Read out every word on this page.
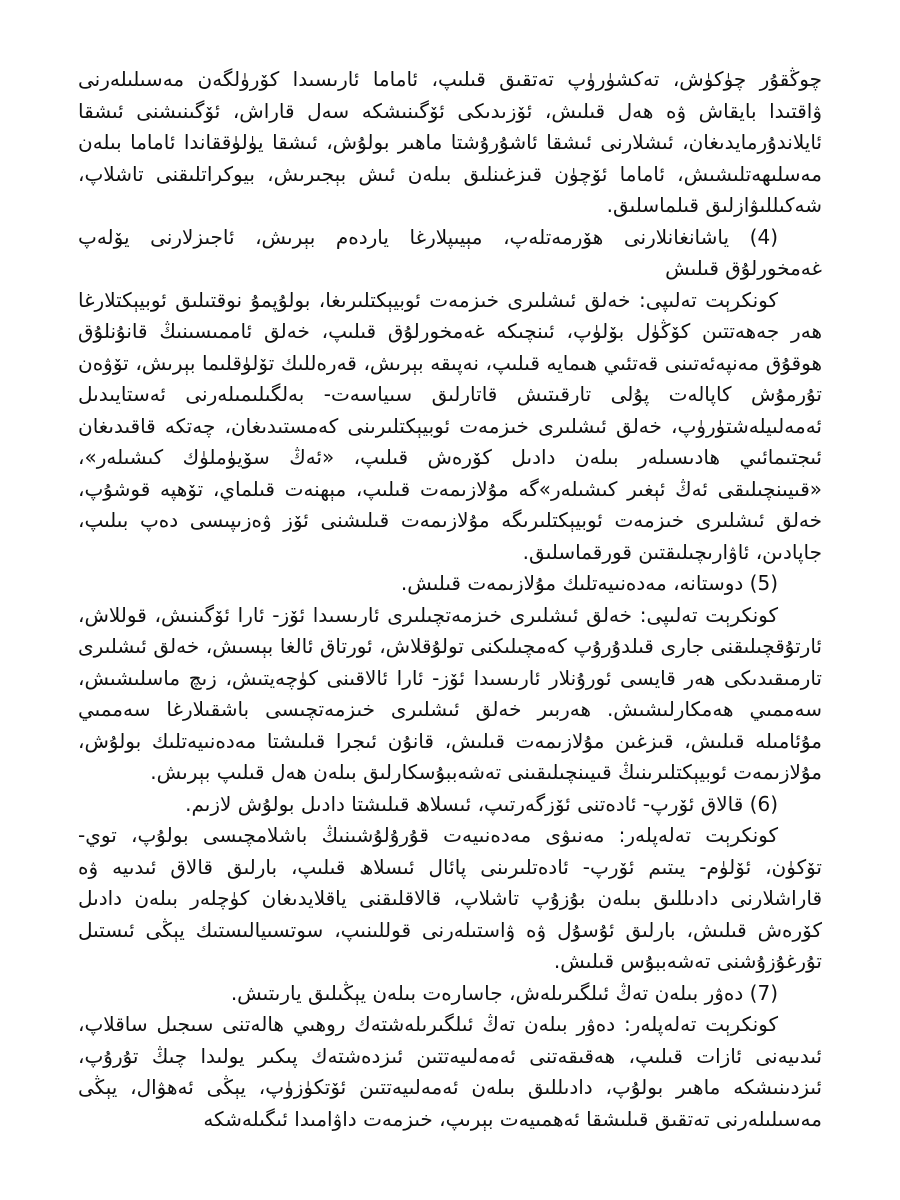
چوڭقۇر چۈكۈش، تەكشۈرۈپ تەتقىق قىلىپ، ئاماما ئارىسىدا كۆرۈلگەن مەسىلىلەرنى ۋاقتىدا بايقاش ۋە ھەل قىلىش، ئۆزىدىكى ئۆگىنىشكە سەل قاراش، ئۆگىنىشنى ئىشقا ئايلاندۇرمايدىغان، ئىشلارنى ئىشقا ئاشۇرۇشتا ماھىر بولۇش، ئىشقا يۈلۈققاندا ئاماما بىلەن مەسلىھەتلىشىش، ئاماما ئۆچۈن قىزغىنلىق بىلەن ئىش بېجىرىش، بيوكراتلىقنى تاشلاپ، شەكىللىۋازلىق قىلماسلىق.

(4) ياشانغانلارنى ھۆرمەتلەپ، مېيىپلارغا ياردەم بېرىش، ئاجىزلارنى يۆلەپ غەمخورلۇق قىلىش

كونكرېت تەلىپى: خەلق ئىشلىرى خىزمەت ئوبيېكتلىرىغا، بولۇپمۇ نوقتىلىق ئوبيېكتلارغا ھەر جەھەتتىن كۆڭۈل بۆلۈپ، ئىنچىكە غەمخورلۇق قىلىپ، خەلق ئاممىسىنىڭ قانۇنلۇق ھوقۇق مەنپەئەتىنى قەتئىي ھىمايە قىلىپ، نەپىقە بېرىش، قەرەللىك تۆلۈقلىما بېرىش، تۆۋەن تۇرمۇش كاپالەت پۇلى تارقىتىش قاتارلىق سىياسەت- بەلگىلىمىلەرنى ئەستايىدىل ئەمەلىيلەشتۈرۈپ، خەلق ئىشلىرى خىزمەت ئوبيېكتلىرىنى كەمستىدىغان، چەتكە قاقىدىغان ئىجتىمائىي ھادىسىلەر بىلەن دادىل كۆرەش قىلىپ، «ئەڭ سۆيۈملۈك كىشىلەر»، «قىيىنچىلىقى ئەڭ ئېغىر كىشىلەر»گە مۇلازىمەت قىلىپ، مېھنەت قىلماي، تۆھپە قوشۇپ، خەلق ئىشلىرى خىزمەت ئوبيېكتلىرىگە مۇلازىمەت قىلىشنى ئۆز ۋەزىپىسى دەپ بىلىپ، جاپادىن، ئاۋارىچىلىقتىن قورقماسلىق.

(5) دوستانە، مەدەنىيەتلىك مۇلازىمەت قىلىش.

كونكرېت تەلىپى: خەلق ئىشلىرى خىزمەتچىلىرى ئارىسىدا ئۆز- ئارا ئۆگىنىش، قوللاش، ئارتۇقچىلىقنى جارى قىلدۇرۇپ كەمچىلىكنى تولۇقلاش، ئورتاق ئالغا بېسىش، خەلق ئىشلىرى تارمىقىدىكى ھەر قايسى ئورۇنلار ئارىسىدا ئۆز- ئارا ئالاقىنى كۈچەيتىش، زىچ ماسلىشىش، سەممىي ھەمكارلىشىش. ھەربىر خەلق ئىشلىرى خىزمەتچىسى باشقىلارغا سەممىي مۇئامىلە قىلىش، قىزغىن مۇلازىمەت قىلىش، قانۇن ئىجرا قىلىشتا مەدەنىيەتلىك بولۇش، مۇلازىمەت ئوبيېكتلىرىنىڭ قىيىنچىلىقىنى تەشەببۇسكارلىق بىلەن ھەل قىلىپ بېرىش.

(6) قالاق ئۆرپ- ئادەتنى ئۆزگەرتىپ، ئىسلاھ قىلىشتا دادىل بولۇش لازىم.

كونكرېت تەلەپلەر: مەنىۋى مەدەنىيەت قۇرۇلۇشىنىڭ باشلامچىسى بولۇپ، توي- تۆكۈن، ئۆلۈم- يىتىم ئۆرپ- ئادەتلىرىنى پائال ئىسلاھ قىلىپ، بارلىق قالاق ئىدىيە ۋە قاراشلارنى دادىللىق بىلەن بۇزۇپ تاشلاپ، قالاقلىقنى ياقلايدىغان كۈچلەر بىلەن دادىل كۆرەش قىلىش، بارلىق ئۇسۇل ۋە ۋاستىلەرنى قوللىنىپ، سوتسىيالىستىك يېڭى ئىستىل تۇرغۇزۇشنى تەشەببۇس قىلىش.

(7) دەۋر بىلەن تەڭ ئىلگىرىلەش، جاسارەت بىلەن يېڭىلىق يارىتىش.

كونكرېت تەلەپلەر: دەۋر بىلەن تەڭ ئىلگىرىلەشتەك روھىي ھالەتنى سىجىل ساقلاپ، ئىدىيەنى ئازات قىلىپ، ھەقىقەتنى ئەمەلىيەتتىن ئىزدەشتەك پىكىر يولىدا چىڭ تۇرۇپ، ئىزدىنىشكە ماھىر بولۇپ، دادىللىق بىلەن ئەمەلىيەتتىن ئۆتكۈزۈپ، يېڭى ئەھۋال، يېڭى مەسىلىلەرنى تەتقىق قىلىشقا ئەھمىيەت بېرىپ، خىزمەت داۋامىدا ئىگىلەشكە
